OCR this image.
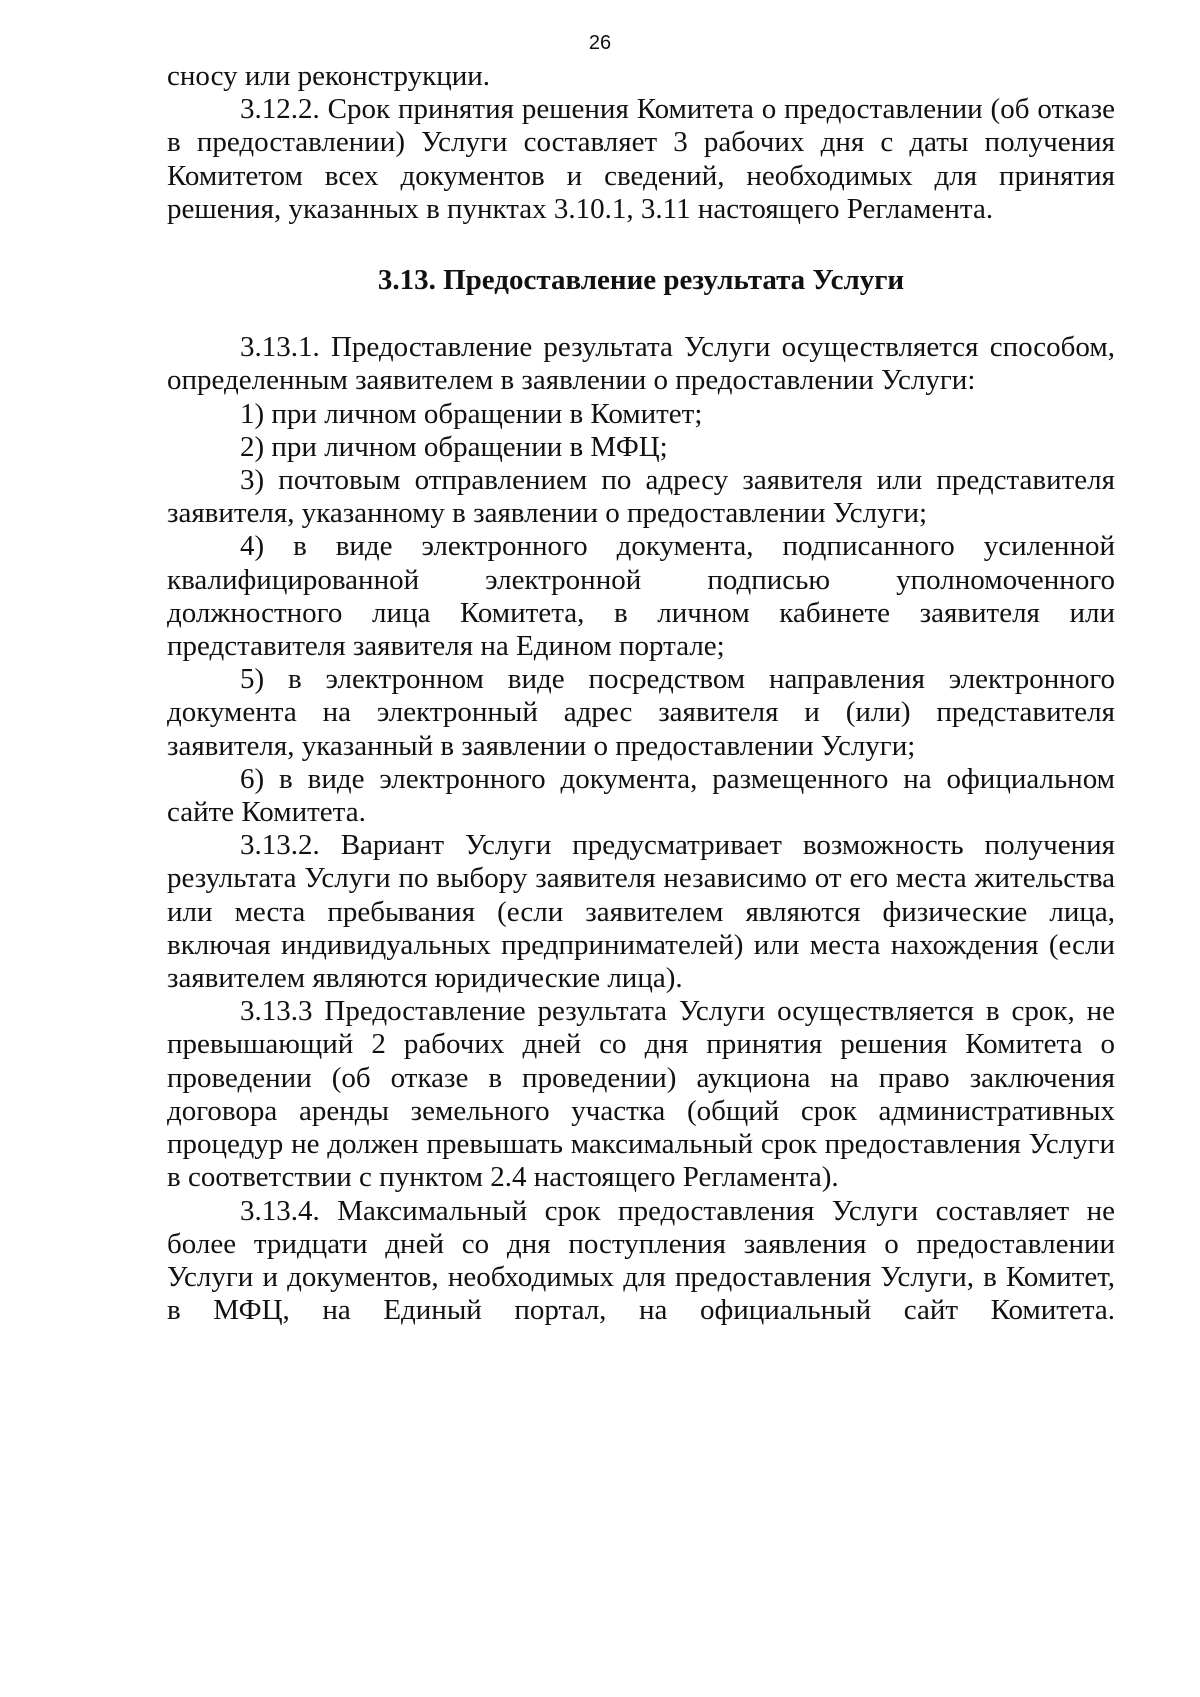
26

сносу или реконструкции.

3.12.2. Срок принятия решения Комитета о предоставлении (об отказе в предоставлении) Услуги составляет 3 рабочих дня с даты получения Комитетом всех документов и сведений, необходимых для принятия решения, указанных в пунктах 3.10.1, 3.11 настоящего Регламента.

3.13. Предоставление результата Услуги

3.13.1. Предоставление результата Услуги осуществляется способом, определенным заявителем в заявлении о предоставлении Услуги:

1) при личном обращении в Комитет;

2) при личном обращении в МФЦ;

3) почтовым отправлением по адресу заявителя или представителя заявителя, указанному в заявлении о предоставлении Услуги;

4) в виде электронного документа, подписанного усиленной квалифицированной электронной подписью уполномоченного должностного лица Комитета, в личном кабинете заявителя или представителя заявителя на Едином портале;

5) в электронном виде посредством направления электронного документа на электронный адрес заявителя и (или) представителя заявителя, указанный в заявлении о предоставлении Услуги;

6) в виде электронного документа, размещенного на официальном сайте Комитета.

3.13.2. Вариант Услуги предусматривает возможность получения результата Услуги по выбору заявителя независимо от его места жительства или места пребывания (если заявителем являются физические лица, включая индивидуальных предпринимателей) или места нахождения (если заявителем являются юридические лица).

3.13.3 Предоставление результата Услуги осуществляется в срок, не превышающий 2 рабочих дней со дня принятия решения Комитета о проведении (об отказе в проведении) аукциона на право заключения договора аренды земельного участка (общий срок административных процедур не должен превышать максимальный срок предоставления Услуги в соответствии с пунктом 2.4 настоящего Регламента).

3.13.4. Максимальный срок предоставления Услуги составляет не более тридцати дней со дня поступления заявления о предоставлении Услуги и документов, необходимых для предоставления Услуги, в Комитет, в МФЦ, на Единый портал, на официальный сайт Комитета.
